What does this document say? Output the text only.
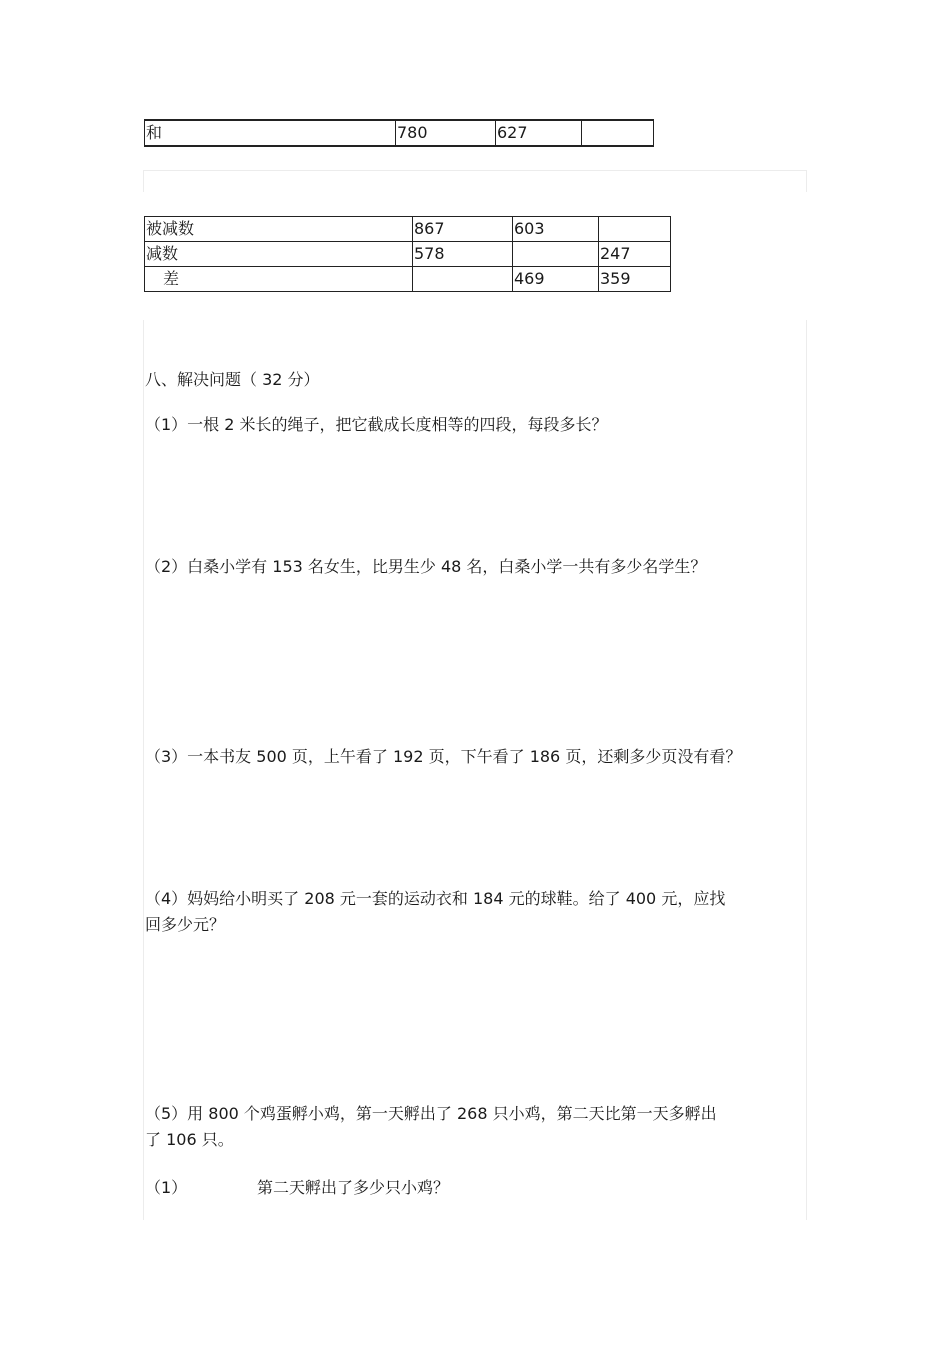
和	780	627	
被减数	867	603	
减数	578		247
差		469	359
八、解决问题（ 32 分）
（1）一根 2 米长的绳子，把它截成长度相等的四段，每段多长？
（2）白桑小学有 153 名女生，比男生少 48 名，白桑小学一共有多少名学生？
（3）一本书友 500 页，上午看了 192 页，下午看了 186 页，还剩多少页没有看？
（4）妈妈给小明买了 208 元一套的运动衣和 184 元的球鞋。给了 400 元，应找
回多少元？
（5）用 800 个鸡蛋孵小鸡，第一天孵出了 268 只小鸡，第二天比第一天多孵出
了 106 只。
（1）	第二天孵出了多少只小鸡？
